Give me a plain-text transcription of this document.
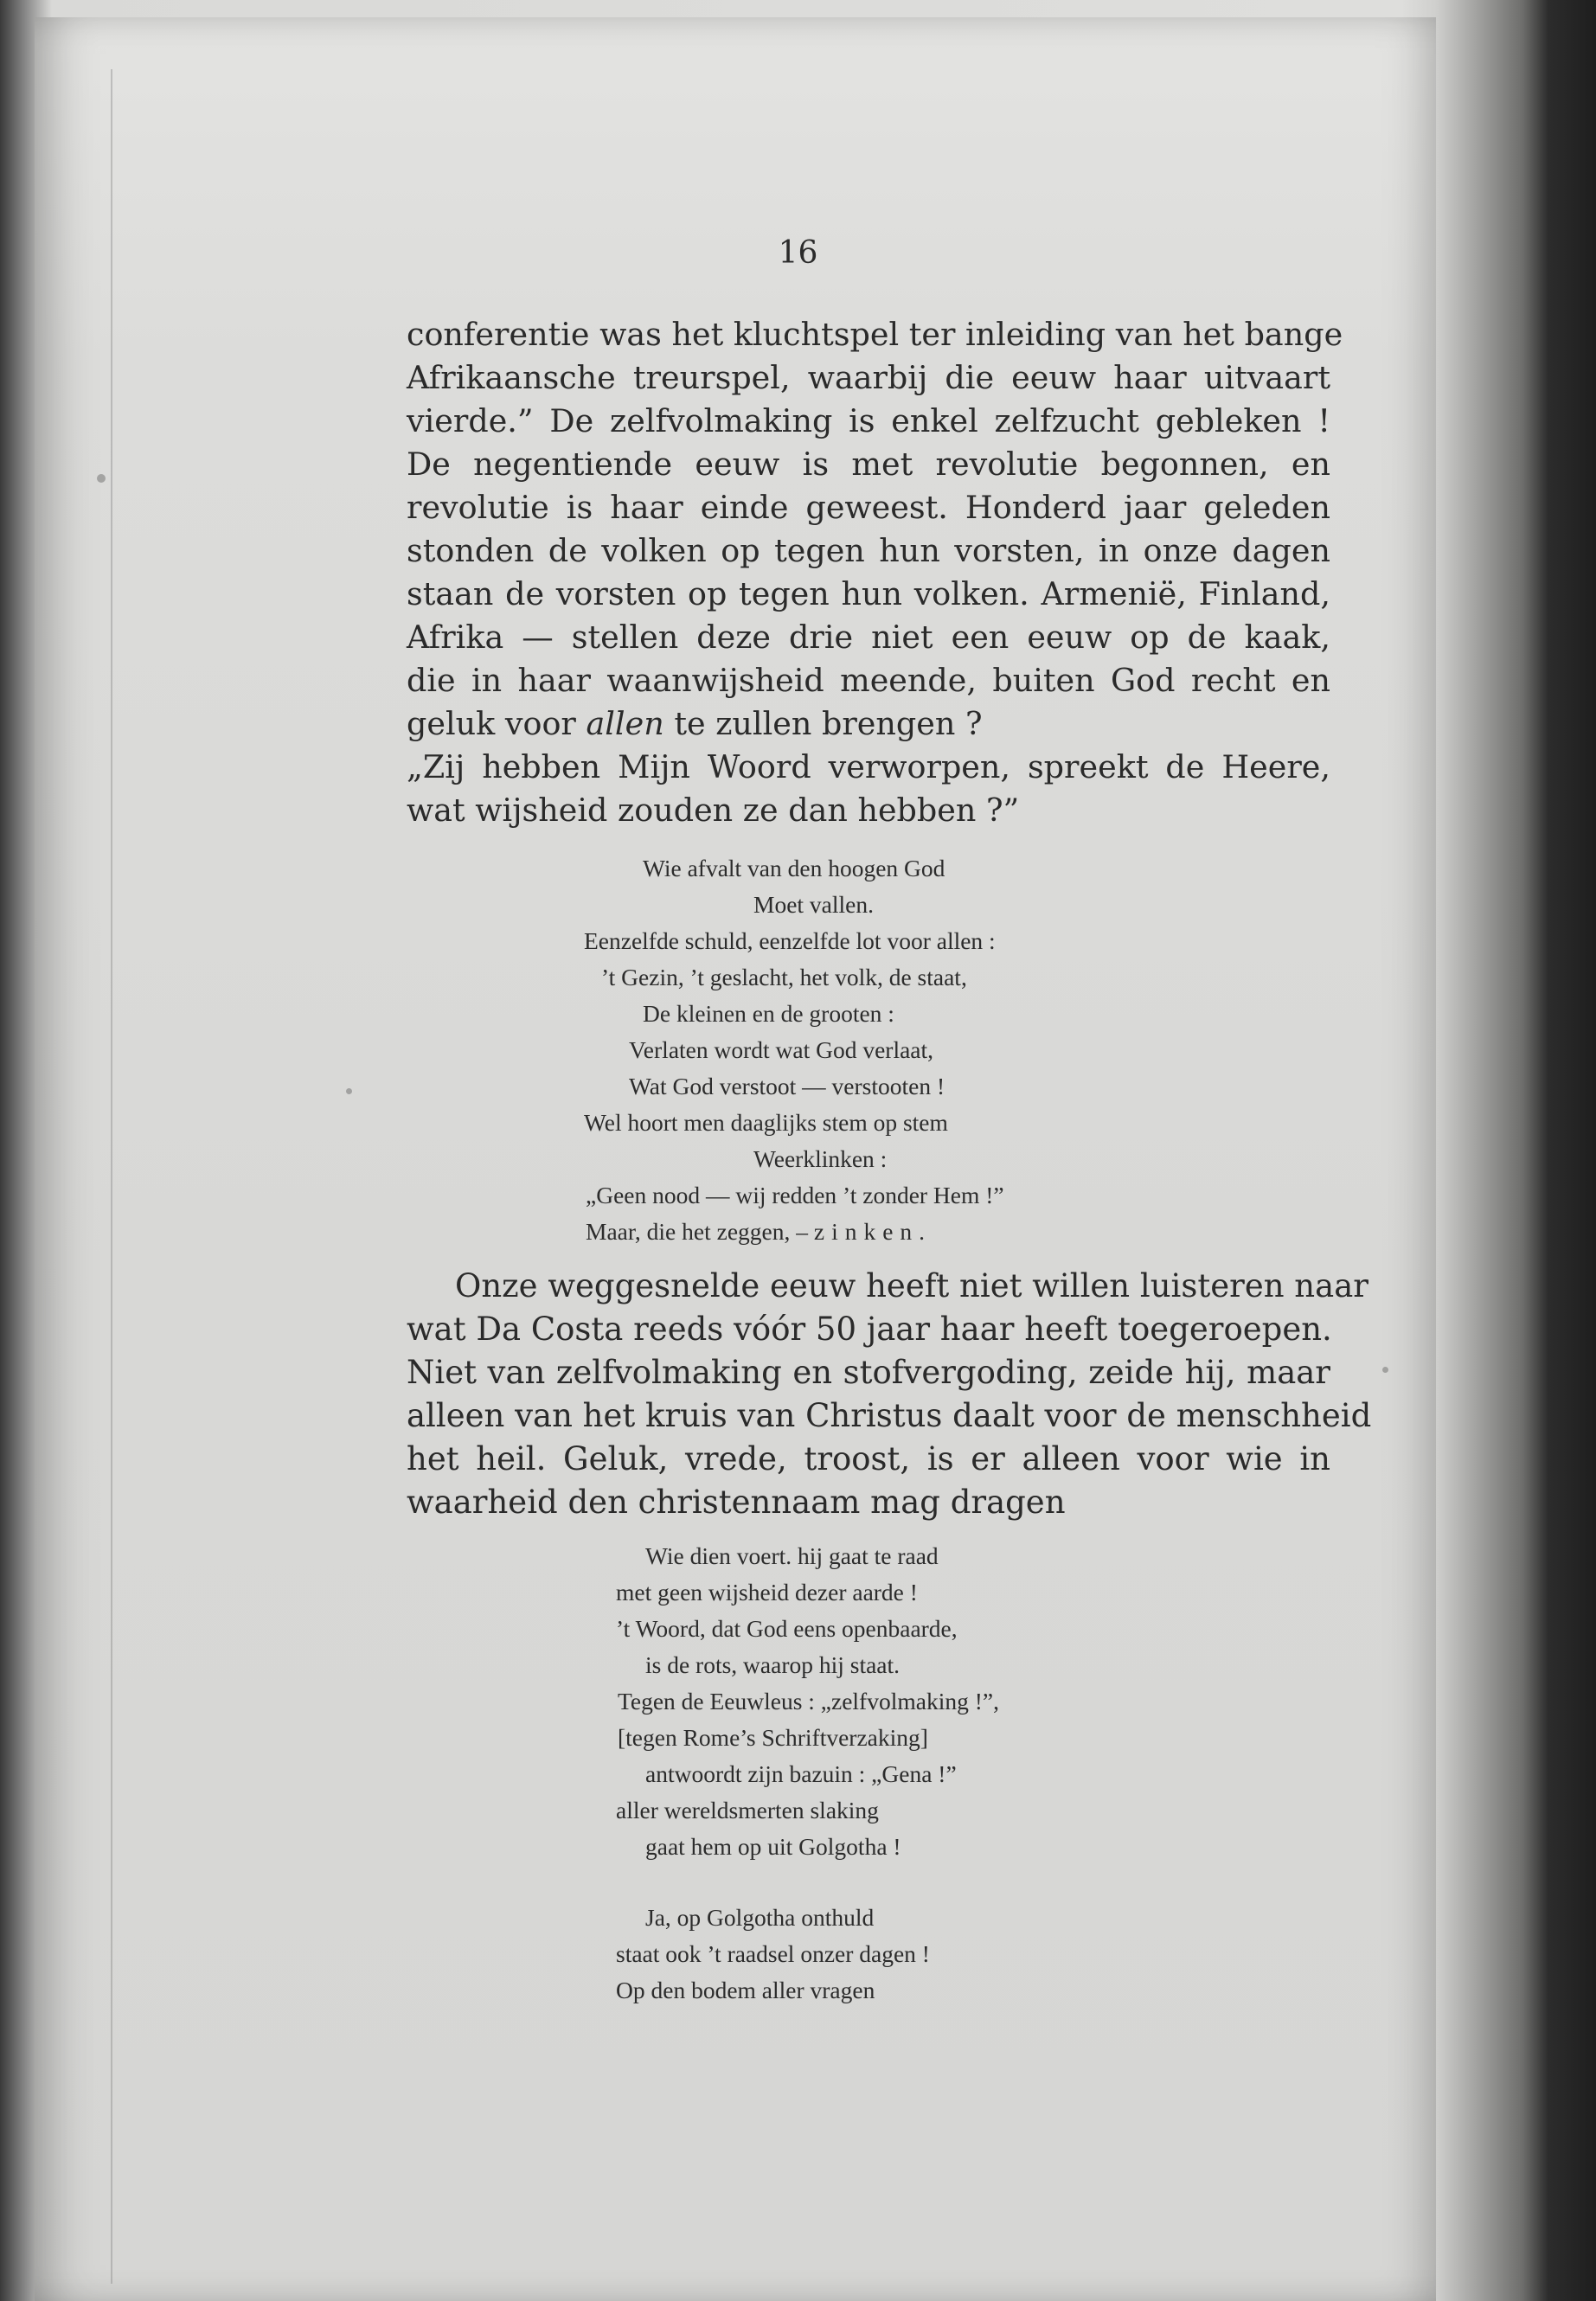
16
conferentie was het kluchtspel ter inleiding van het bange
Afrikaansche treurspel, waarbij die eeuw haar uitvaart
vierde.” De zelfvolmaking is enkel zelfzucht gebleken !
De negentiende eeuw is met revolutie begonnen, en
revolutie is haar einde geweest. Honderd jaar geleden
stonden de volken op tegen hun vorsten, in onze dagen
staan de vorsten op tegen hun volken. Armenië, Finland,
Afrika — stellen deze drie niet een eeuw op de kaak,
die in haar waanwijsheid meende, buiten God recht en
geluk voor allen te zullen brengen ?
„Zij hebben Mijn Woord verworpen, spreekt de Heere,
wat wijsheid zouden ze dan hebben ?”
Wie afvalt van den hoogen God
Moet vallen.
Eenzelfde schuld, eenzelfde lot voor allen :
’t Gezin, ’t geslacht, het volk, de staat,
De kleinen en de grooten :
Verlaten wordt wat God verlaat,
Wat God verstoot — verstooten !
Wel hoort men daaglijks stem op stem
Weerklinken :
„Geen nood — wij redden ’t zonder Hem !”
Maar, die het zeggen, – zinken.
Onze weggesnelde eeuw heeft niet willen luisteren naar
wat Da Costa reeds vóór 50 jaar haar heeft toegeroepen.
Niet van zelfvolmaking en stofvergoding, zeide hij, maar
alleen van het kruis van Christus daalt voor de menschheid
het heil. Geluk, vrede, troost, is er alleen voor wie in
waarheid den christennaam mag dragen
Wie dien voert. hij gaat te raad
met geen wijsheid dezer aarde !
’t Woord, dat God eens openbaarde,
is de rots, waarop hij staat.
Tegen de Eeuwleus : „zelfvolmaking !”,
[tegen Rome’s Schriftverzaking]
antwoordt zijn bazuin : „Gena !”
aller wereldsmerten slaking
gaat hem op uit Golgotha !
Ja, op Golgotha onthuld
staat ook ’t raadsel onzer dagen !
Op den bodem aller vragen
